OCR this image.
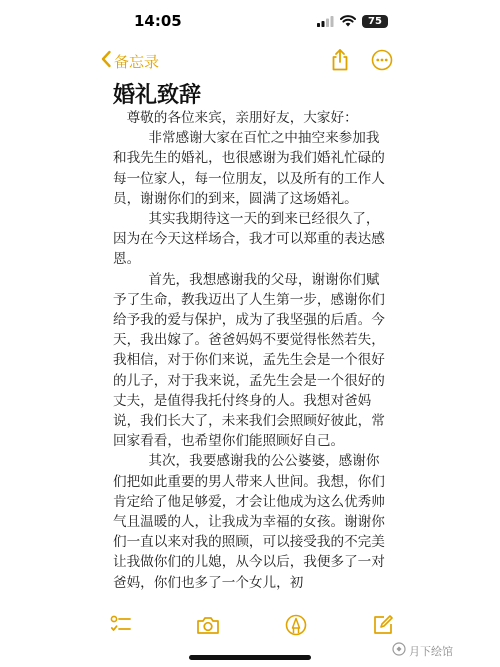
14:05	75
备忘录
婚礼致辞

尊敬的各位来宾，亲朋好友，大家好：

非常感谢大家在百忙之中抽空来参加我和我先生的婚礼，也很感谢为我们婚礼忙碌的每一位家人，每一位朋友，以及所有的工作人员，谢谢你们的到来，圆满了这场婚礼。

其实我期待这一天的到来已经很久了，因为在今天这样场合，我才可以郑重的表达感恩。

首先，我想感谢我的父母，谢谢你们赋予了生命，教我迈出了人生第一步，感谢你们给予我的爱与保护，成为了我坚强的后盾。今天，我出嫁了。爸爸妈妈不要觉得怅然若失，我相信，对于你们来说，孟先生会是一个很好的儿子，对于我来说，孟先生会是一个很好的丈夫，是值得我托付终身的人。我想对爸妈说，我们长大了，未来我们会照顾好彼此，常回家看看，也希望你们能照顾好自己。

其次，我要感谢我的公公婆婆，感谢你们把如此重要的男人带来人世间。我想，你们肯定给了他足够爱，才会让他成为这么优秀帅气且温暖的人，让我成为幸福的女孩。谢谢你们一直以来对我的照顾，可以接受我的不完美让我做你们的儿媳，从今以后，我便多了一对爸妈，你们也多了一个女儿，初

月下绘馆
